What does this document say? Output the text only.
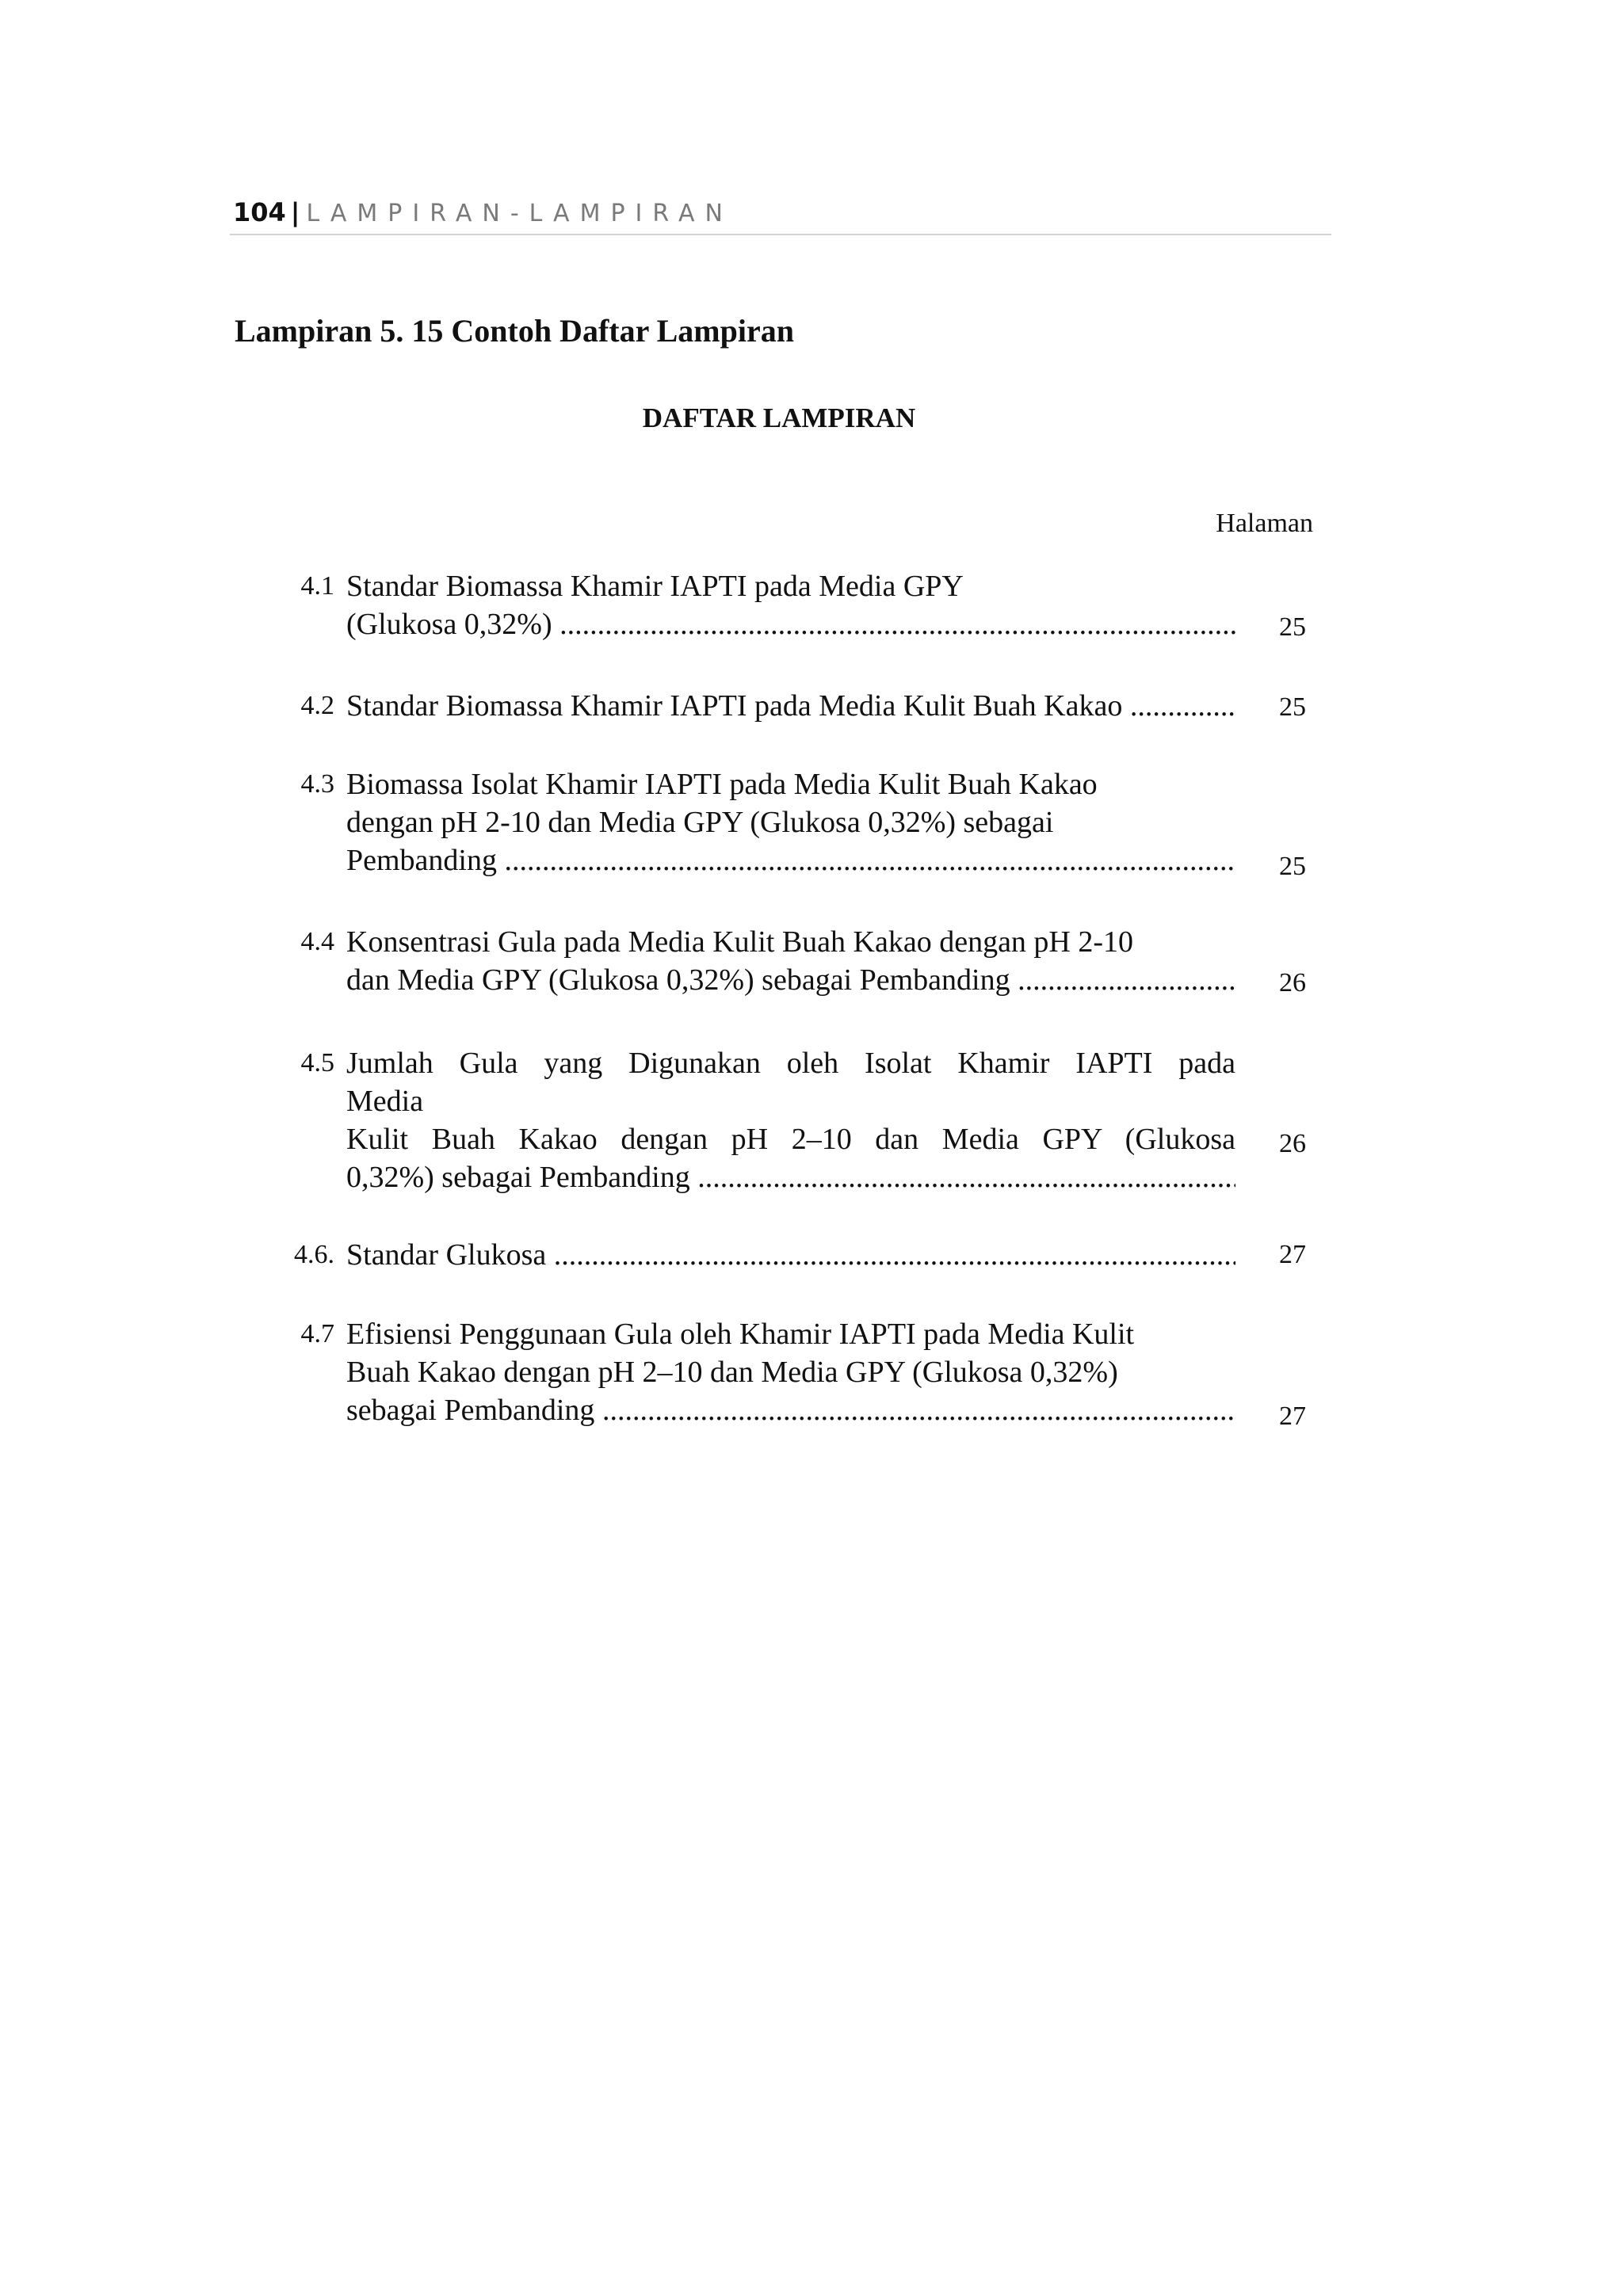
104 | LAMPIRAN-LAMPIRAN
Lampiran 5. 15 Contoh Daftar Lampiran
DAFTAR LAMPIRAN
Halaman
4.1 Standar Biomassa Khamir IAPTI pada Media GPY
(Glukosa 0,32%) .....	25
4.2 Standar Biomassa Khamir IAPTI pada Media Kulit Buah Kakao .....	25
4.3 Biomassa Isolat Khamir IAPTI pada Media Kulit Buah Kakao
dengan pH 2-10 dan Media GPY (Glukosa 0,32%) sebagai
Pembanding .....	25
4.4 Konsentrasi Gula pada Media Kulit Buah Kakao dengan pH 2-10
dan Media GPY (Glukosa 0,32%) sebagai Pembanding .....	26
4.5 Jumlah Gula yang Digunakan oleh Isolat Khamir IAPTI pada
Media
Kulit Buah Kakao dengan pH 2–10 dan Media GPY (Glukosa
0,32%) sebagai Pembanding .....
26
4.6. Standar Glukosa .....	27
4.7 Efisiensi Penggunaan Gula oleh Khamir IAPTI pada Media Kulit
Buah Kakao dengan pH 2–10 dan Media GPY (Glukosa 0,32%)
sebagai Pembanding .....	27
